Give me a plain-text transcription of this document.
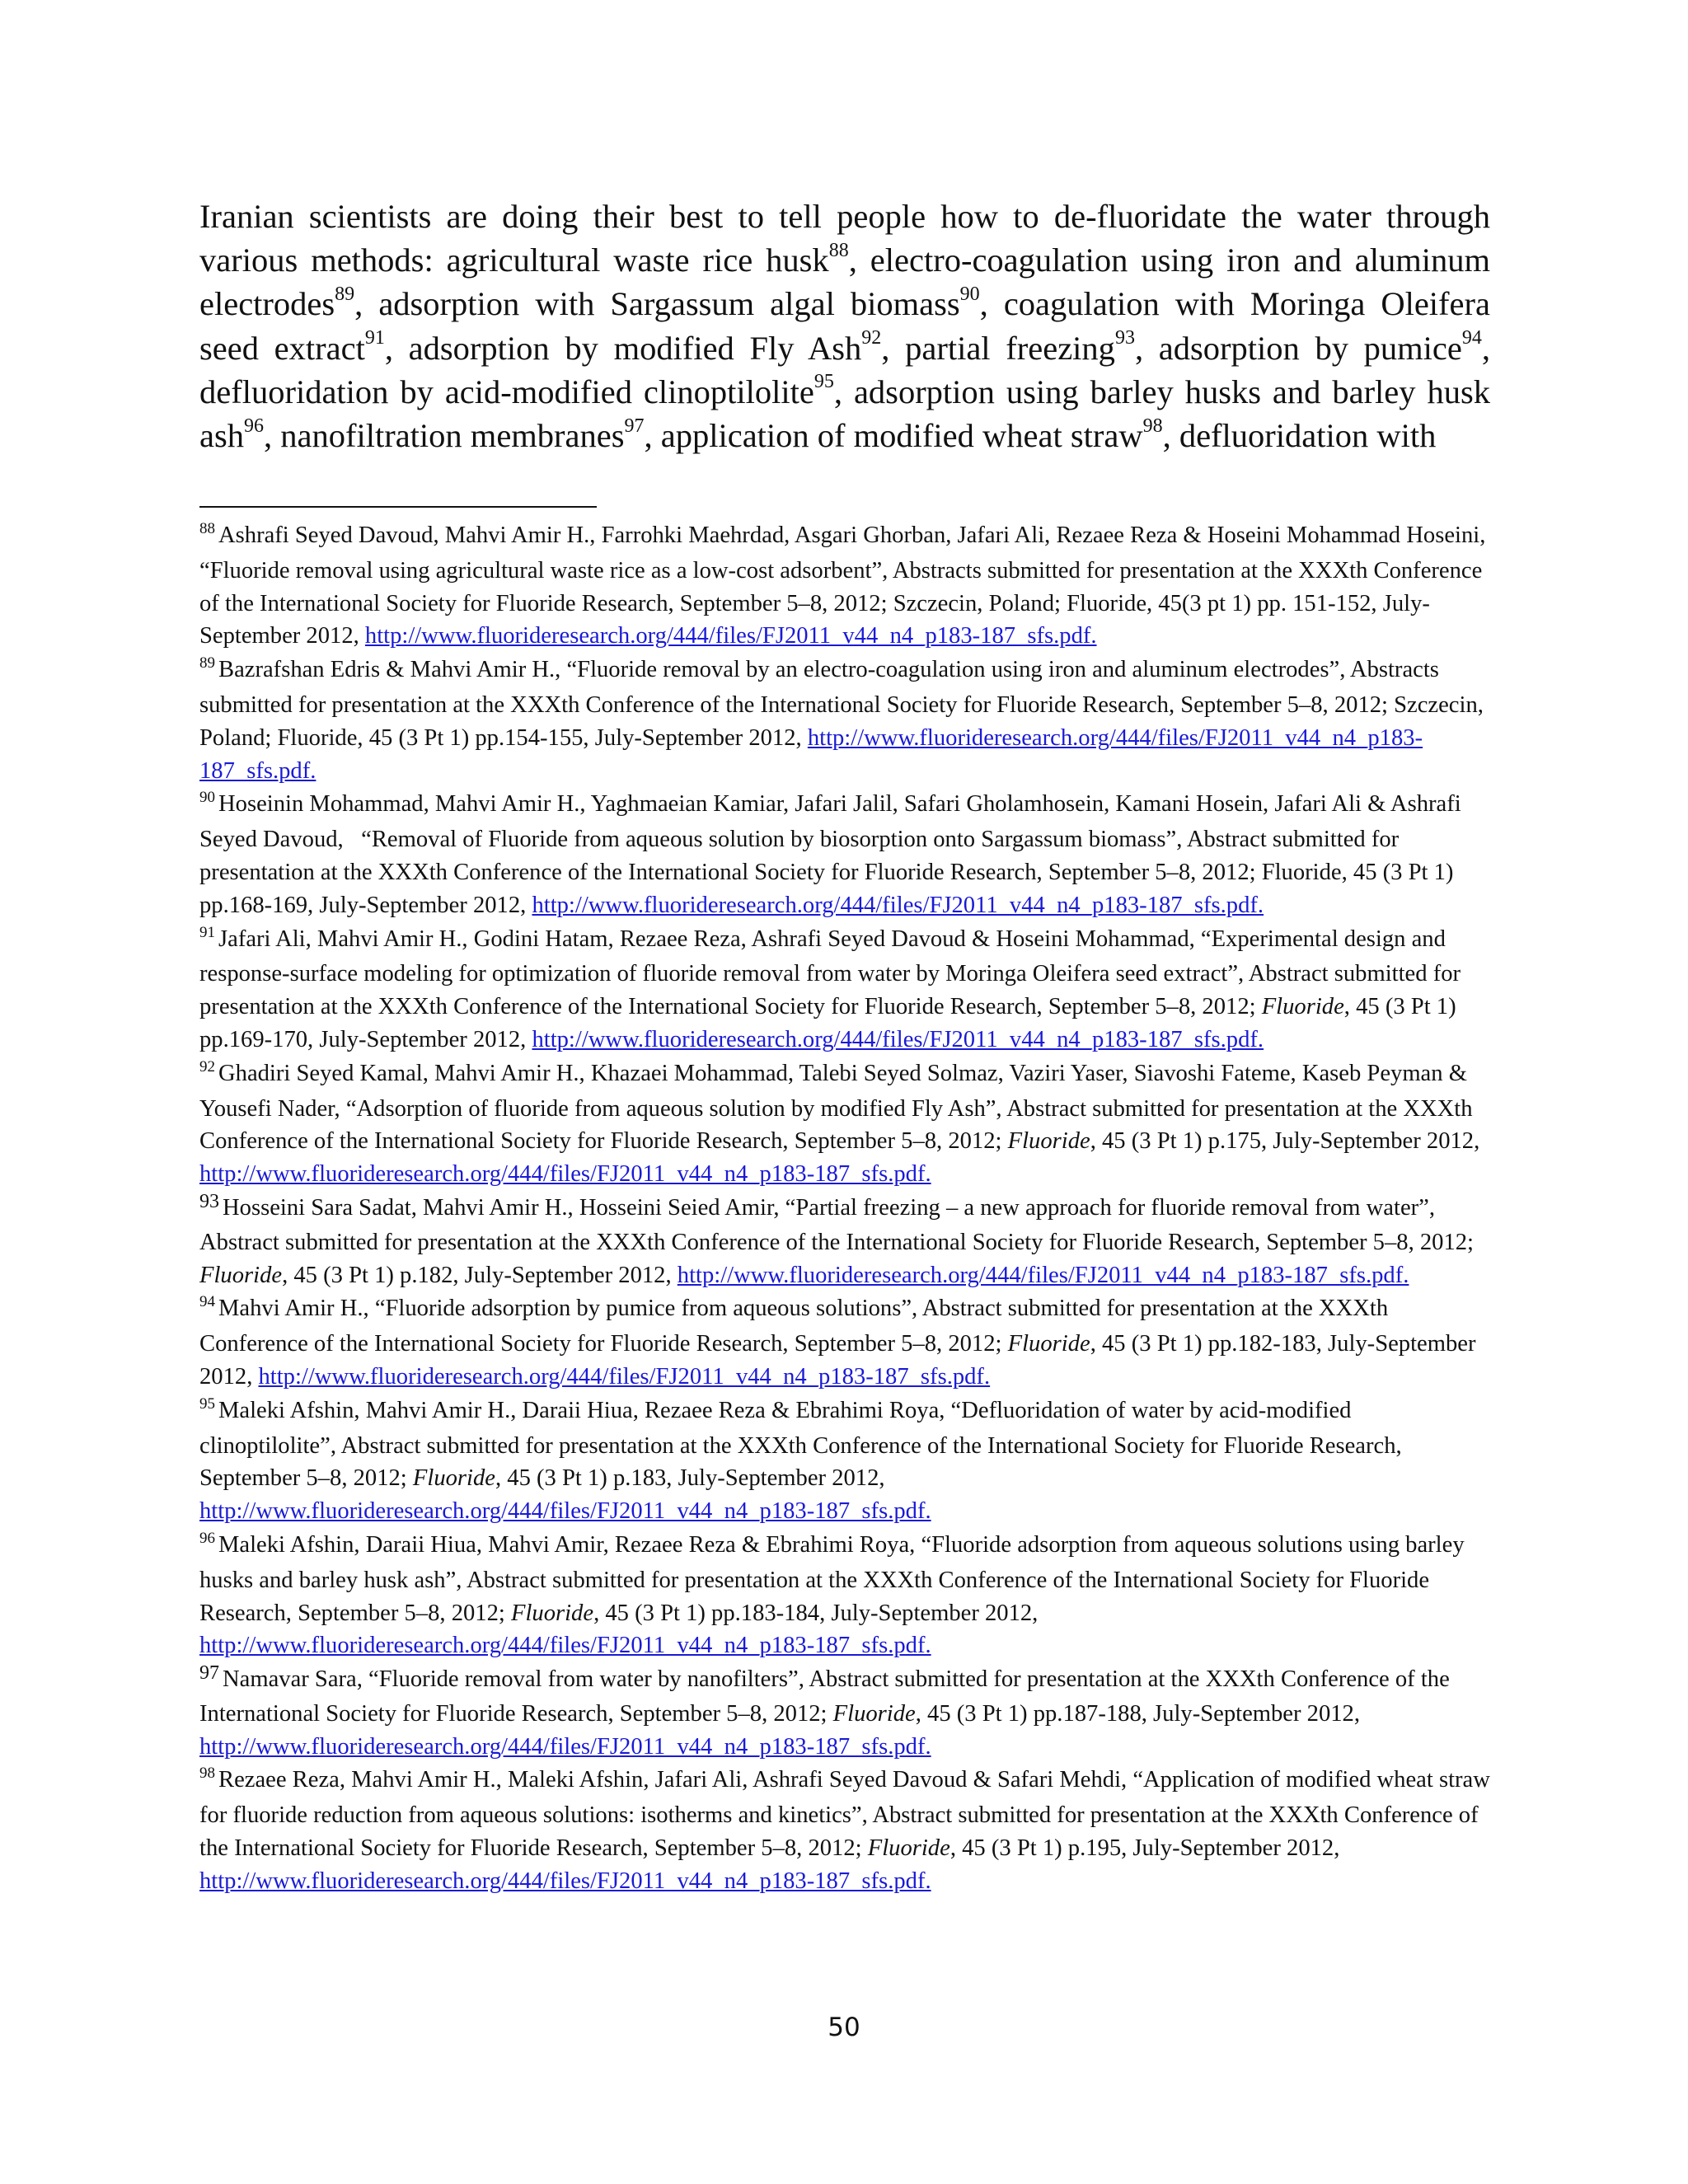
Iranian scientists are doing their best to tell people how to de-fluoridate the water through various methods: agricultural waste rice husk$^{88}$, electro-coagulation using iron and aluminum electrodes$^{89}$, adsorption with Sargassum algal biomass$^{90}$, coagulation with Moringa Oleifera seed extract$^{91}$, adsorption by modified Fly Ash$^{92}$, partial freezing$^{93}$, adsorption by pumice$^{94}$, defluoridation by acid-modified clinoptilolite$^{95}$, adsorption using barley husks and barley husk ash$^{96}$, nanofiltration membranes$^{97}$, application of modified wheat straw$^{98}$, defluoridation with

$^{88}$ Ashrafi Seyed Davoud, Mahvi Amir H., Farrohki Maehrdad, Asgari Ghorban, Jafari Ali, Rezaee Reza & Hoseini Mohammad Hoseini, “Fluoride removal using agricultural waste rice as a low-cost adsorbent”, Abstracts submitted for presentation at the XXXth Conference of the International Society for Fluoride Research, September 5–8, 2012; Szczecin, Poland; Fluoride, 45(3 pt 1) pp. 151-152, July-September 2012, http://www.fluorideresearch.org/444/files/FJ2011_v44_n4_p183-187_sfs.pdf.

$^{89}$ Bazrafshan Edris & Mahvi Amir H., “Fluoride removal by an electro-coagulation using iron and aluminum electrodes”, Abstracts submitted for presentation at the XXXth Conference of the International Society for Fluoride Research, September 5–8, 2012; Szczecin, Poland; Fluoride, 45 (3 Pt 1) pp.154-155, July-September 2012, http://www.fluorideresearch.org/444/files/FJ2011_v44_n4_p183-187_sfs.pdf.

$^{90}$ Hoseinin Mohammad, Mahvi Amir H., Yaghmaeian Kamiar, Jafari Jalil, Safari Gholamhosein, Kamani Hosein, Jafari Ali & Ashrafi Seyed Davoud,   “Removal of Fluoride from aqueous solution by biosorption onto Sargassum biomass”, Abstract submitted for presentation at the XXXth Conference of the International Society for Fluoride Research, September 5–8, 2012; Fluoride, 45 (3 Pt 1) pp.168-169, July-September 2012, http://www.fluorideresearch.org/444/files/FJ2011_v44_n4_p183-187_sfs.pdf.

$^{91}$ Jafari Ali, Mahvi Amir H., Godini Hatam, Rezaee Reza, Ashrafi Seyed Davoud & Hoseini Mohammad, “Experimental design and response-surface modeling for optimization of fluoride removal from water by Moringa Oleifera seed extract”, Abstract submitted for presentation at the XXXth Conference of the International Society for Fluoride Research, September 5–8, 2012; Fluoride, 45 (3 Pt 1) pp.169-170, July-September 2012, http://www.fluorideresearch.org/444/files/FJ2011_v44_n4_p183-187_sfs.pdf.

$^{92}$ Ghadiri Seyed Kamal, Mahvi Amir H., Khazaei Mohammad, Talebi Seyed Solmaz, Vaziri Yaser, Siavoshi Fateme, Kaseb Peyman & Yousefi Nader, “Adsorption of fluoride from aqueous solution by modified Fly Ash”, Abstract submitted for presentation at the XXXth Conference of the International Society for Fluoride Research, September 5–8, 2012; Fluoride, 45 (3 Pt 1) p.175, July-September 2012, http://www.fluorideresearch.org/444/files/FJ2011_v44_n4_p183-187_sfs.pdf.

$^{93}$ Hosseini Sara Sadat, Mahvi Amir H., Hosseini Seied Amir, “Partial freezing – a new approach for fluoride removal from water”, Abstract submitted for presentation at the XXXth Conference of the International Society for Fluoride Research, September 5–8, 2012; Fluoride, 45 (3 Pt 1) p.182, July-September 2012, http://www.fluorideresearch.org/444/files/FJ2011_v44_n4_p183-187_sfs.pdf.

$^{94}$ Mahvi Amir H., “Fluoride adsorption by pumice from aqueous solutions”, Abstract submitted for presentation at the XXXth Conference of the International Society for Fluoride Research, September 5–8, 2012; Fluoride, 45 (3 Pt 1) pp.182-183, July-September 2012, http://www.fluorideresearch.org/444/files/FJ2011_v44_n4_p183-187_sfs.pdf.

$^{95}$ Maleki Afshin, Mahvi Amir H., Daraii Hiua, Rezaee Reza & Ebrahimi Roya, “Defluoridation of water by acid-modified clinoptilolite”, Abstract submitted for presentation at the XXXth Conference of the International Society for Fluoride Research, September 5–8, 2012; Fluoride, 45 (3 Pt 1) p.183, July-September 2012, http://www.fluorideresearch.org/444/files/FJ2011_v44_n4_p183-187_sfs.pdf.

$^{96}$ Maleki Afshin, Daraii Hiua, Mahvi Amir, Rezaee Reza & Ebrahimi Roya, “Fluoride adsorption from aqueous solutions using barley husks and barley husk ash”, Abstract submitted for presentation at the XXXth Conference of the International Society for Fluoride Research, September 5–8, 2012; Fluoride, 45 (3 Pt 1) pp.183-184, July-September 2012, http://www.fluorideresearch.org/444/files/FJ2011_v44_n4_p183-187_sfs.pdf.

$^{97}$ Namavar Sara, “Fluoride removal from water by nanofilters”, Abstract submitted for presentation at the XXXth Conference of the International Society for Fluoride Research, September 5–8, 2012; Fluoride, 45 (3 Pt 1) pp.187-188, July-September 2012, http://www.fluorideresearch.org/444/files/FJ2011_v44_n4_p183-187_sfs.pdf.

$^{98}$ Rezaee Reza, Mahvi Amir H., Maleki Afshin, Jafari Ali, Ashrafi Seyed Davoud & Safari Mehdi, “Application of modified wheat straw for fluoride reduction from aqueous solutions: isotherms and kinetics”, Abstract submitted for presentation at the XXXth Conference of the International Society for Fluoride Research, September 5–8, 2012; Fluoride, 45 (3 Pt 1) p.195, July-September 2012, http://www.fluorideresearch.org/444/files/FJ2011_v44_n4_p183-187_sfs.pdf.

50
